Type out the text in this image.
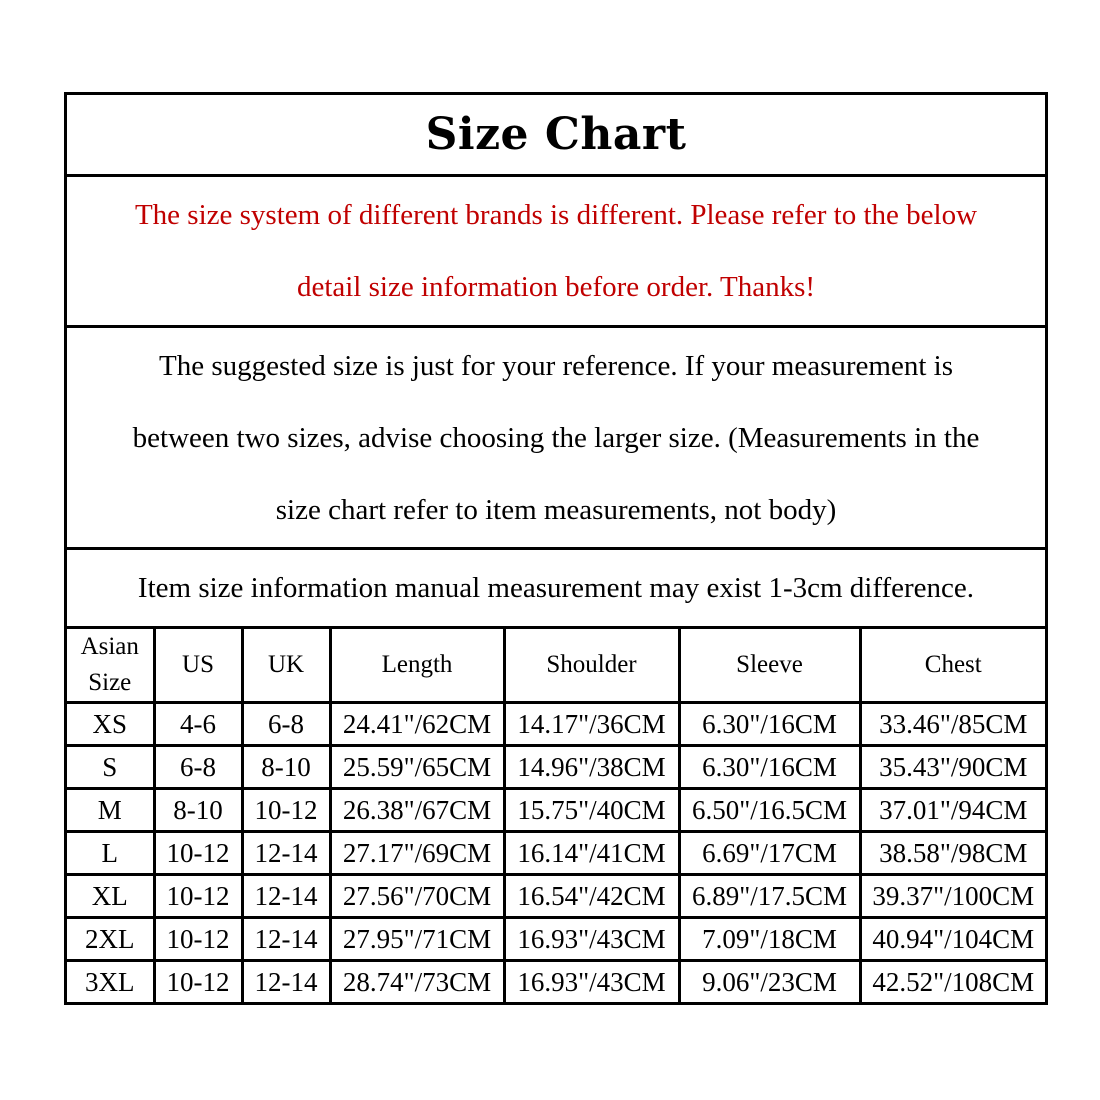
Size Chart
The size system of different brands is different. Please refer to the below
detail size information before order. Thanks!
The suggested size is just for your reference. If your measurement is
between two sizes, advise choosing the larger size. (Measurements in the
size chart refer to item measurements, not body)
Item size information manual measurement may exist 1-3cm difference.
Asian
Size	US	UK	Length	Shoulder	Sleeve	Chest
XS	4-6	6-8	24.41"/62CM	14.17"/36CM	6.30"/16CM	33.46"/85CM
S	6-8	8-10	25.59"/65CM	14.96"/38CM	6.30"/16CM	35.43"/90CM
M	8-10	10-12	26.38"/67CM	15.75"/40CM	6.50"/16.5CM	37.01"/94CM
L	10-12	12-14	27.17"/69CM	16.14"/41CM	6.69"/17CM	38.58"/98CM
XL	10-12	12-14	27.56"/70CM	16.54"/42CM	6.89"/17.5CM	39.37"/100CM
2XL	10-12	12-14	27.95"/71CM	16.93"/43CM	7.09"/18CM	40.94"/104CM
3XL	10-12	12-14	28.74"/73CM	16.93"/43CM	9.06"/23CM	42.52"/108CM
